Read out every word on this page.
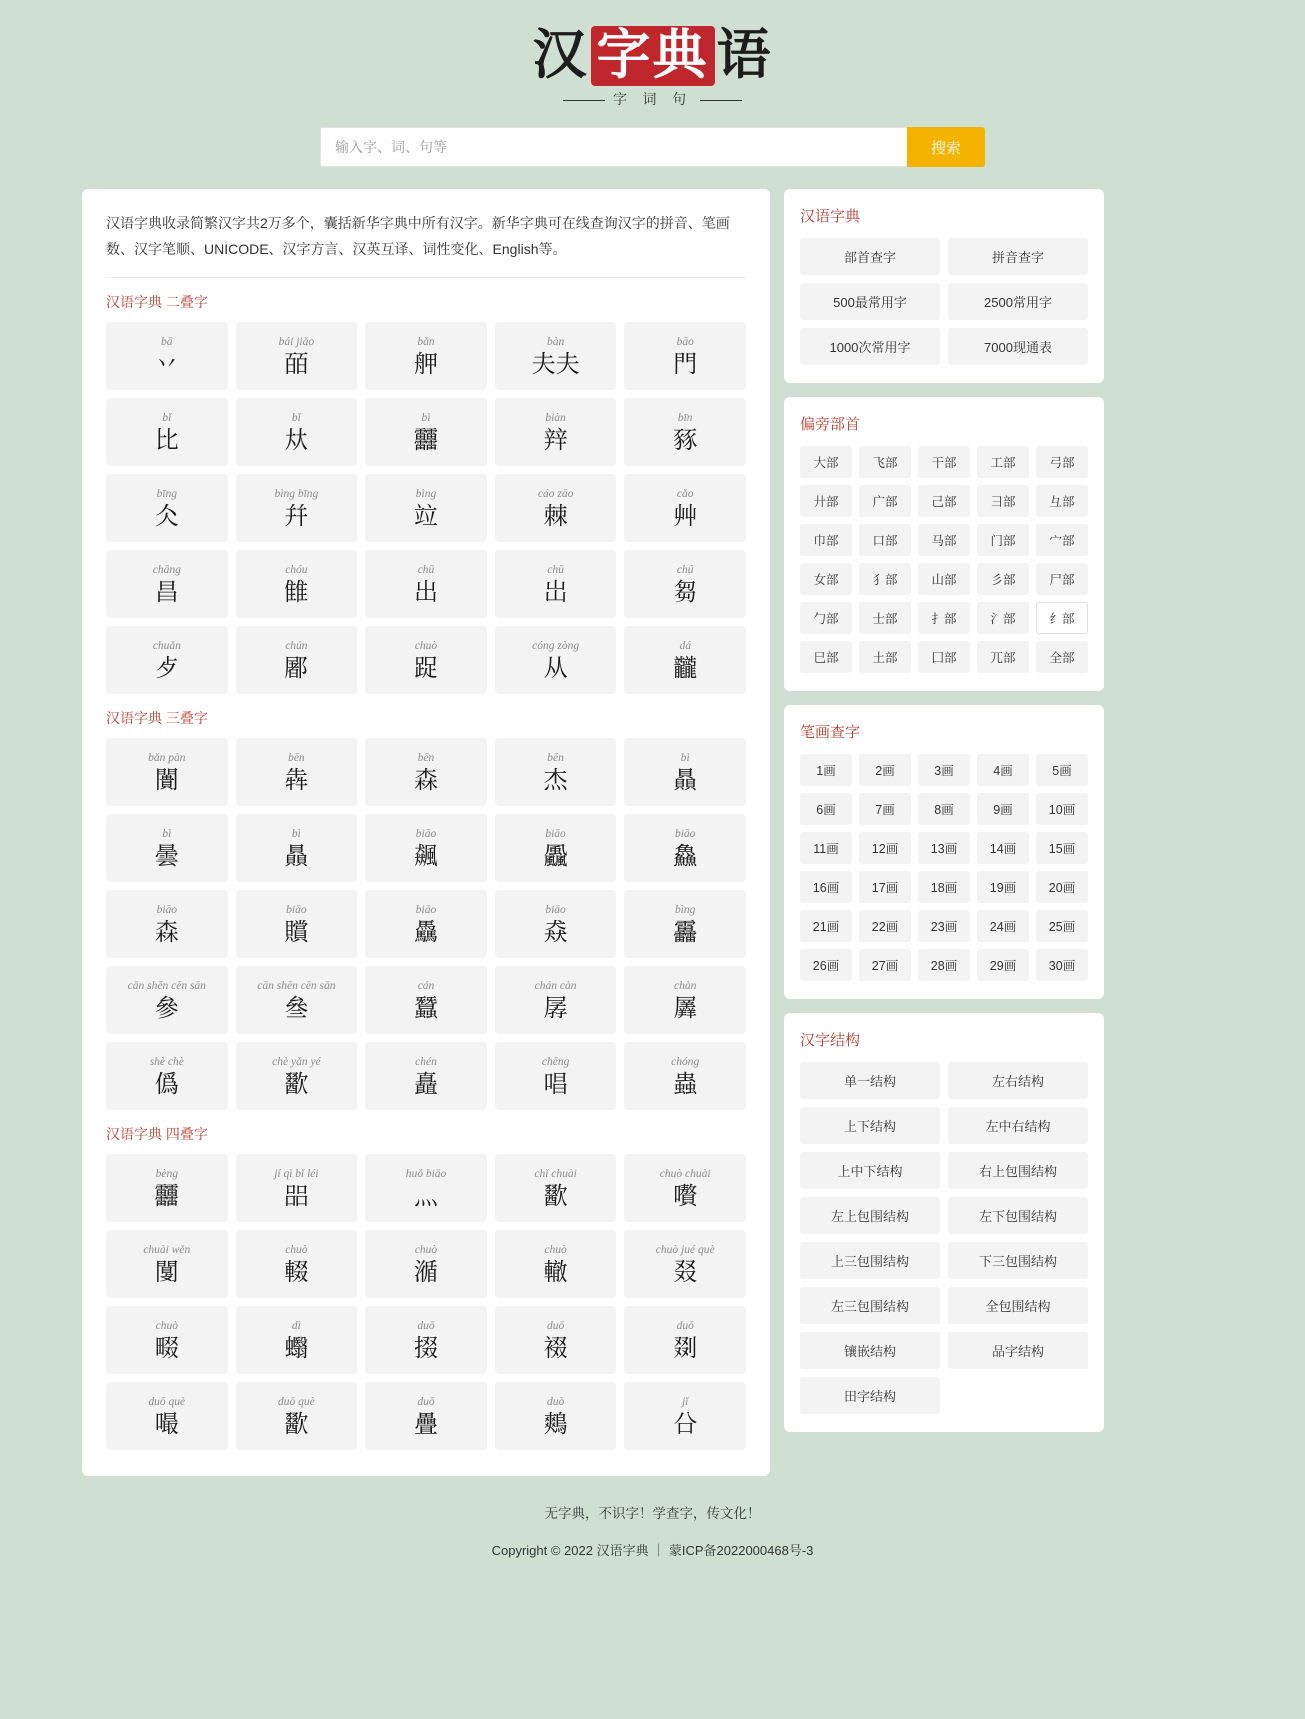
汉 字典 语
字 词 句
输入字、词、句等
搜索

汉语字典收录简繁汉字共2万多个，囊括新华字典中所有汉字。新华字典可在线查询汉字的拼音、笔画数、汉字笔顺、UNICODE、汉字方言、汉英互译、词性变化、English等。

汉语字典 二叠字
bā
丷
bái jiǎo
皕
bǎn
舺
bàn
夫夫
bāo
門
bǐ
比
bǐ
夶
bì
䨻
biàn
辡
bīn
豩
bīng
仌
bìng bīng
幷
bìng
竝
cáo zāo
棘
cǎo
艸
chāng
昌
chóu
雔
chū
出
chū
岀
chú
芻
chuǎn
歺
chún
䣝
chuò
踀
cóng zòng
从
dá
龖
汉语字典 三叠字
bǎn pàn
闠
bēn
犇
bēn
森
bēn
杰
bì
贔
bì
曇
bì
贔
biāo
飆
biāo
飍
biāo
鱻
biāo
森
biāo
贘
biāo
驫
biāo
猋
bìng
靐
cān shēn cēn sān
參
cān shēn cēn sān
叄
cán
蠶
chán càn
孱
chàn
羼
shè chè
僞
chè yǎn yé
歠
chén
矗
chēng
唱
chóng
蟲
汉语字典 四叠字
bèng
䨻
jí qì bǐ léi
㗊
huǒ biāo
灬
chǐ chuài
歠
chuò chuài
嚽
chuài wěn
闅
chuò
輟
chuò
㵌
chuò
轍
chuò jué què
叕
chuò
畷
dì
蠮
duō
掇
duō
裰
duō
剟
duō què
嘬
duō què
歠
duō
疊
duò
鷞
jǐ
㕣
汉语字典
部首查字	拼音查字
500最常用字	2500常用字
1000次常用字	7000现通表
偏旁部首
大部	飞部	干部	工部	弓部
廾部	广部	己部	彐部	彑部
巾部	口部	马部	门部	宀部
女部	犭部	山部	彡部	尸部
勹部	士部	扌部	氵部	纟部
巳部	土部	囗部	兀部	全部
笔画查字
1画	2画	3画	4画	5画
6画	7画	8画	9画	10画
11画	12画	13画	14画	15画
16画	17画	18画	19画	20画
21画	22画	23画	24画	25画
26画	27画	28画	29画	30画
汉字结构
单一结构	左右结构
上下结构	左中右结构
上中下结构	右上包围结构
左上包围结构	左下包围结构
上三包围结构	下三包围结构
左三包围结构	全包围结构
镶嵌结构	品字结构
田字结构
无字典，不识字！学查字，传文化！
Copyright © 2022 汉语字典 ｜ 蒙ICP备2022000468号-3
